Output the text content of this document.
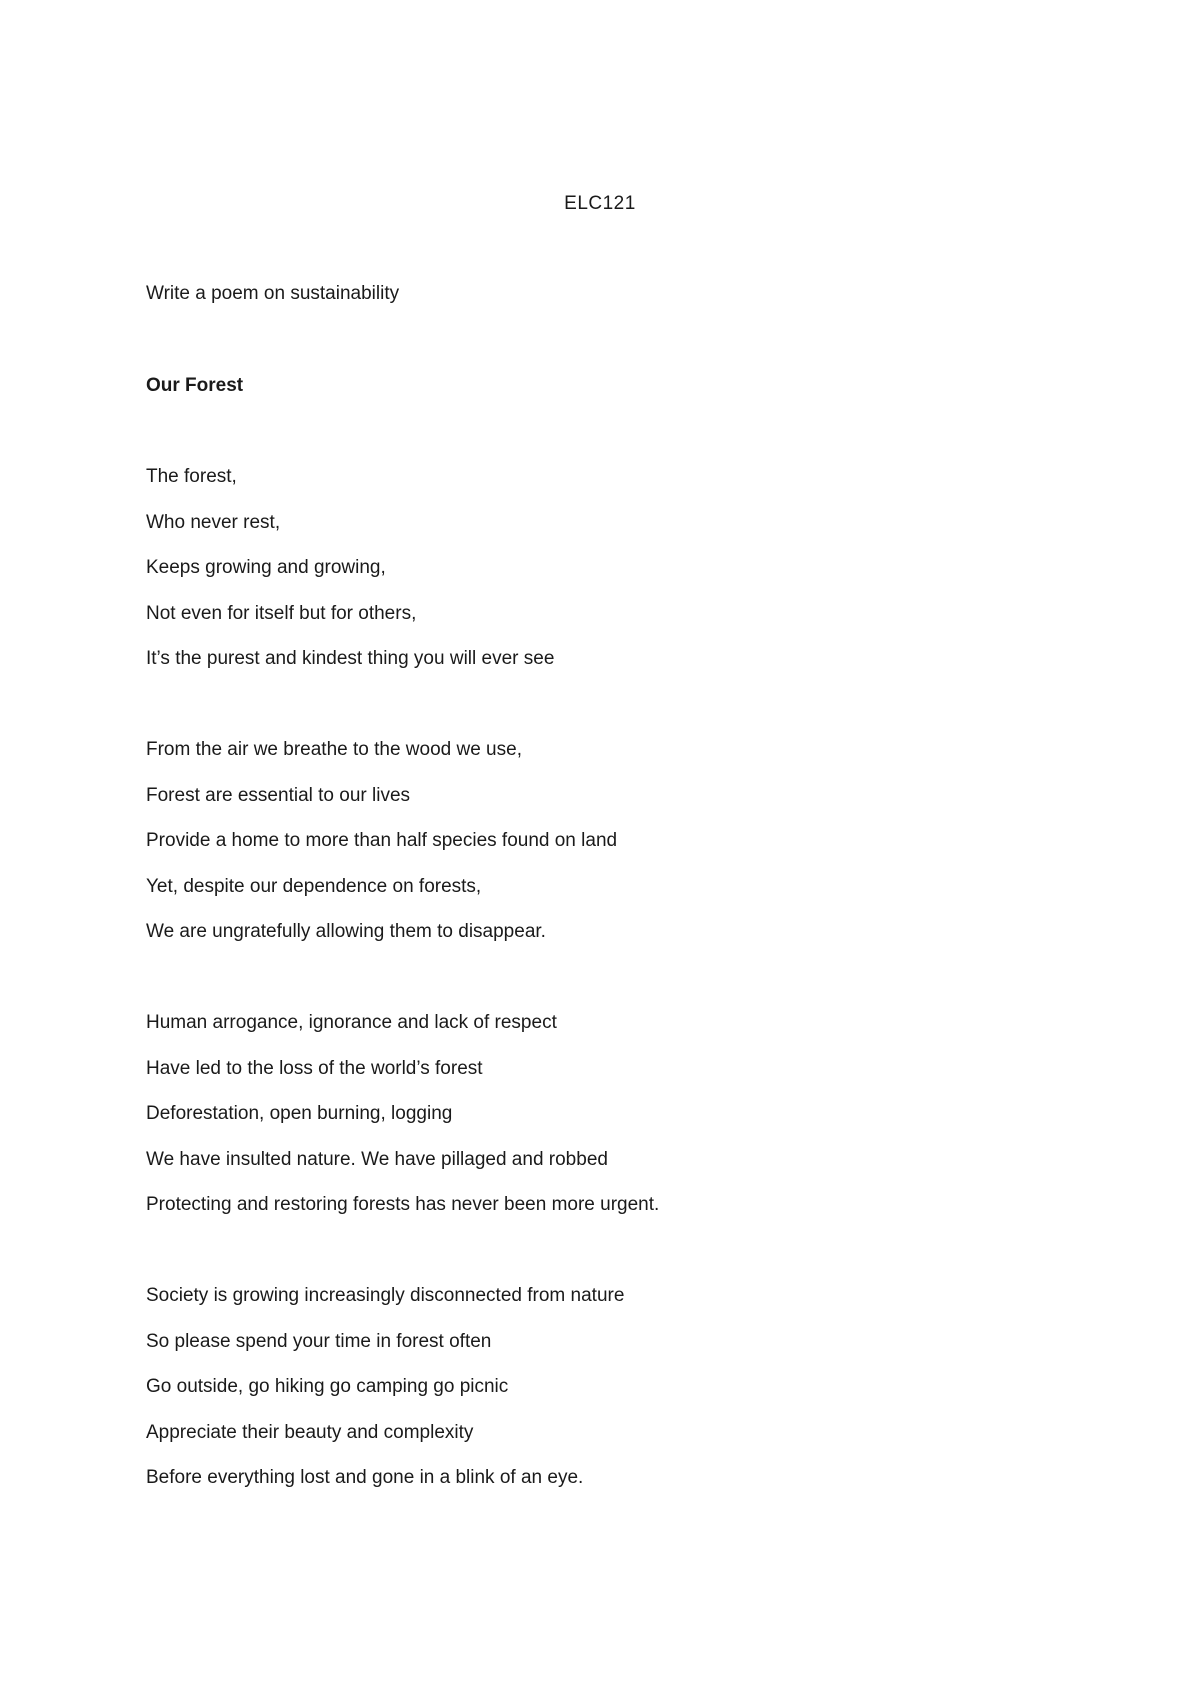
ELC121
Write a poem on sustainability
Our Forest
The forest,
Who never rest,
Keeps growing and growing,
Not even for itself but for others,
It’s the purest and kindest thing you will ever see
From the air we breathe to the wood we use,
Forest are essential to our lives
Provide a home to more than half species found on land
Yet, despite our dependence on forests,
We are ungratefully allowing them to disappear.
Human arrogance, ignorance and lack of respect
Have led to the loss of the world’s forest
Deforestation, open burning, logging
We have insulted nature. We have pillaged and robbed
Protecting and restoring forests has never been more urgent.
Society is growing increasingly disconnected from nature
So please spend your time in forest often
Go outside, go hiking go camping go picnic
Appreciate their beauty and complexity
Before everything lost and gone in a blink of an eye.
